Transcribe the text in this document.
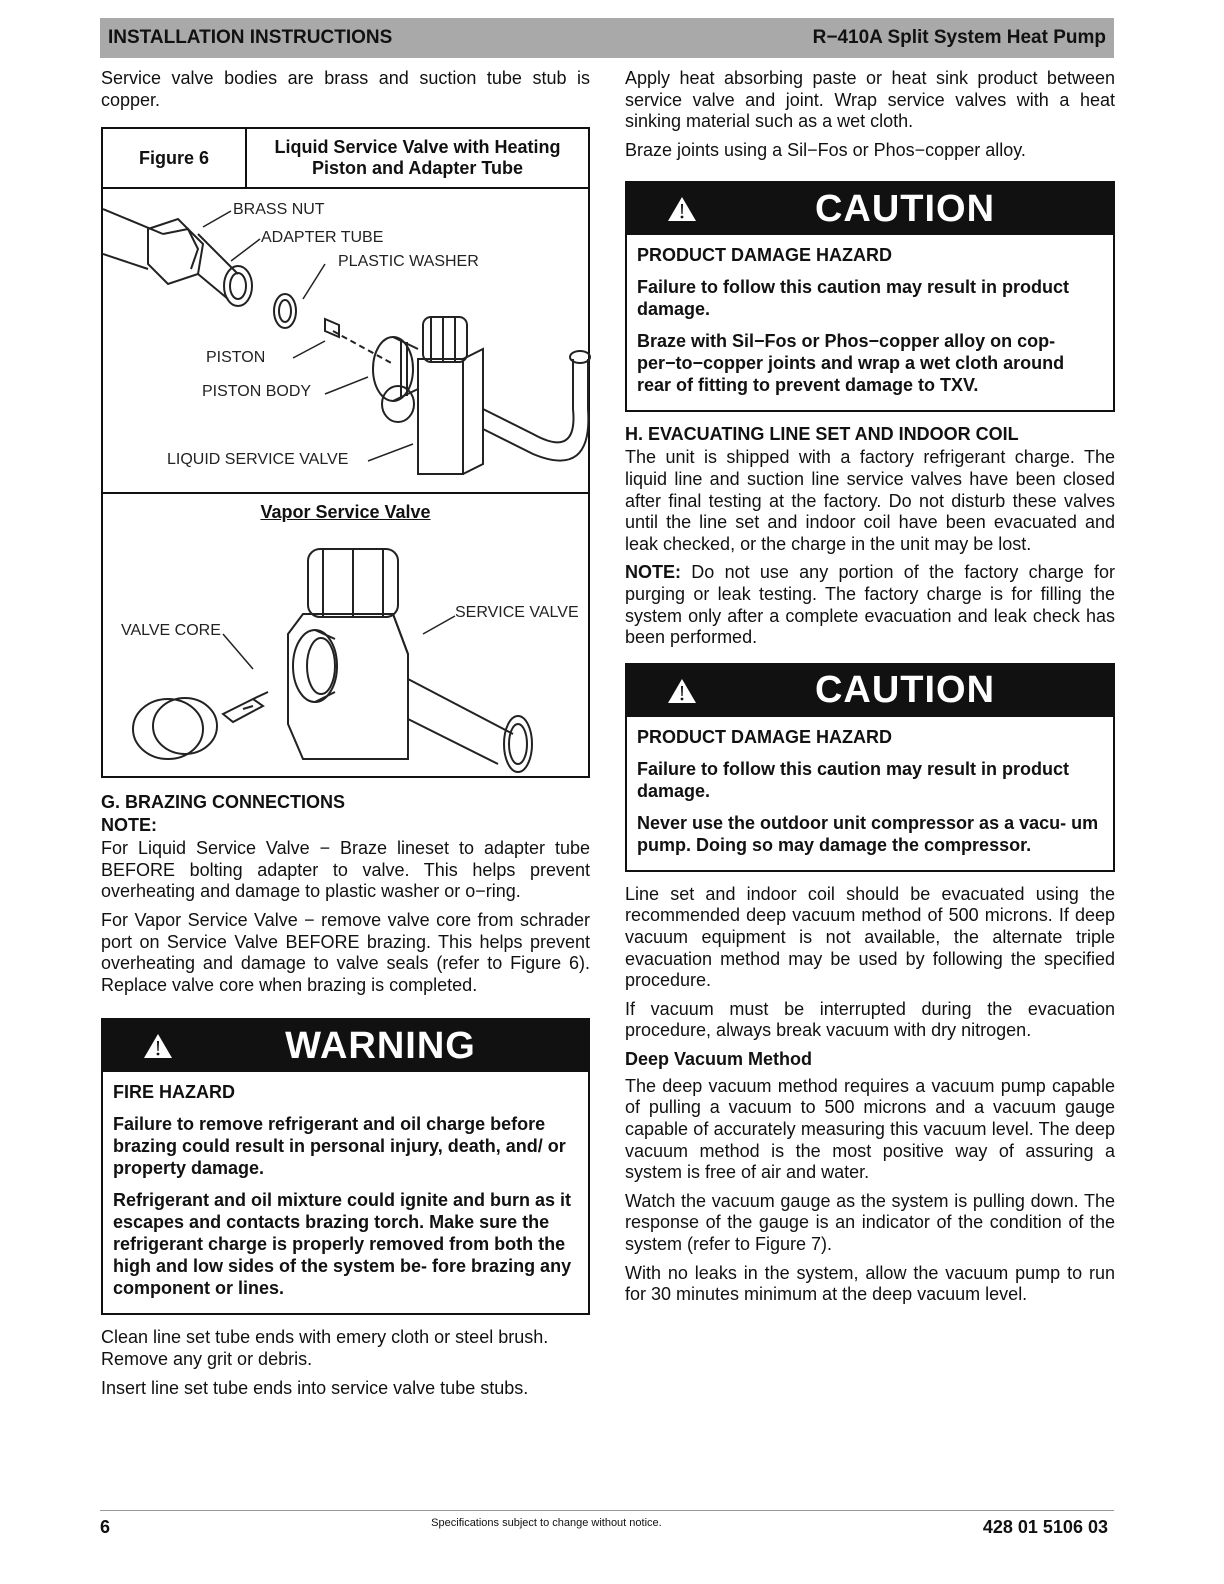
INSTALLATION INSTRUCTIONS	R−410A Split System Heat Pump

Service valve bodies are brass and suction tube stub is copper.

Figure 6
Liquid Service Valve with Heating Piston and Adapter Tube
BRASS NUT
ADAPTER TUBE
PLASTIC WASHER
PISTON
PISTON BODY
LIQUID SERVICE VALVE
Vapor Service Valve
SERVICE VALVE
VALVE CORE
G. BRAZING CONNECTIONS
NOTE:

For Liquid Service Valve − Braze lineset to adapter tube BEFORE bolting adapter to valve. This helps prevent overheating and damage to plastic washer or o−ring.

For Vapor Service Valve − remove valve core from schrader port on Service Valve BEFORE brazing. This helps prevent overheating and damage to valve seals (refer to Figure 6). Replace valve core when brazing is completed.

WARNING
FIRE HAZARD
Failure to remove refrigerant and oil charge before brazing could result in personal injury, death, and/ or property damage.
Refrigerant and oil mixture could ignite and burn as it escapes and contacts brazing torch. Make sure the refrigerant charge is properly removed from both the high and low sides of the system be- fore brazing any component or lines.

Clean line set tube ends with emery cloth or steel brush. Remove any grit or debris.

Insert line set tube ends into service valve tube stubs.

Apply heat absorbing paste or heat sink product between service valve and joint. Wrap service valves with a heat sinking material such as a wet cloth.

Braze joints using a Sil−Fos or Phos−copper alloy.

CAUTION
PRODUCT DAMAGE HAZARD
Failure to follow this caution may result in product damage.
Braze with Sil−Fos or Phos−copper alloy on cop- per−to−copper joints and wrap a wet cloth around rear of fitting to prevent damage to TXV.
H. EVACUATING LINE SET AND INDOOR COIL

The unit is shipped with a factory refrigerant charge. The liquid line and suction line service valves have been closed after final testing at the factory. Do not disturb these valves until the line set and indoor coil have been evacuated and leak checked, or the charge in the unit may be lost.

NOTE: Do not use any portion of the factory charge for purging or leak testing. The factory charge is for filling the system only after a complete evacuation and leak check has been performed.

CAUTION
PRODUCT DAMAGE HAZARD
Failure to follow this caution may result in product damage.
Never use the outdoor unit compressor as a vacu- um pump. Doing so may damage the compressor.

Line set and indoor coil should be evacuated using the recommended deep vacuum method of 500 microns. If deep vacuum equipment is not available, the alternate triple evacuation method may be used by following the specified procedure.

If vacuum must be interrupted during the evacuation procedure, always break vacuum with dry nitrogen.

Deep Vacuum Method

The deep vacuum method requires a vacuum pump capable of pulling a vacuum to 500 microns and a vacuum gauge capable of accurately measuring this vacuum level. The deep vacuum method is the most positive way of assuring a system is free of air and water.

Watch the vacuum gauge as the system is pulling down. The response of the gauge is an indicator of the condition of the system (refer to Figure 7).

With no leaks in the system, allow the vacuum pump to run for 30 minutes minimum at the deep vacuum level.

6	Specifications subject to change without notice.	428 01 5106 03
